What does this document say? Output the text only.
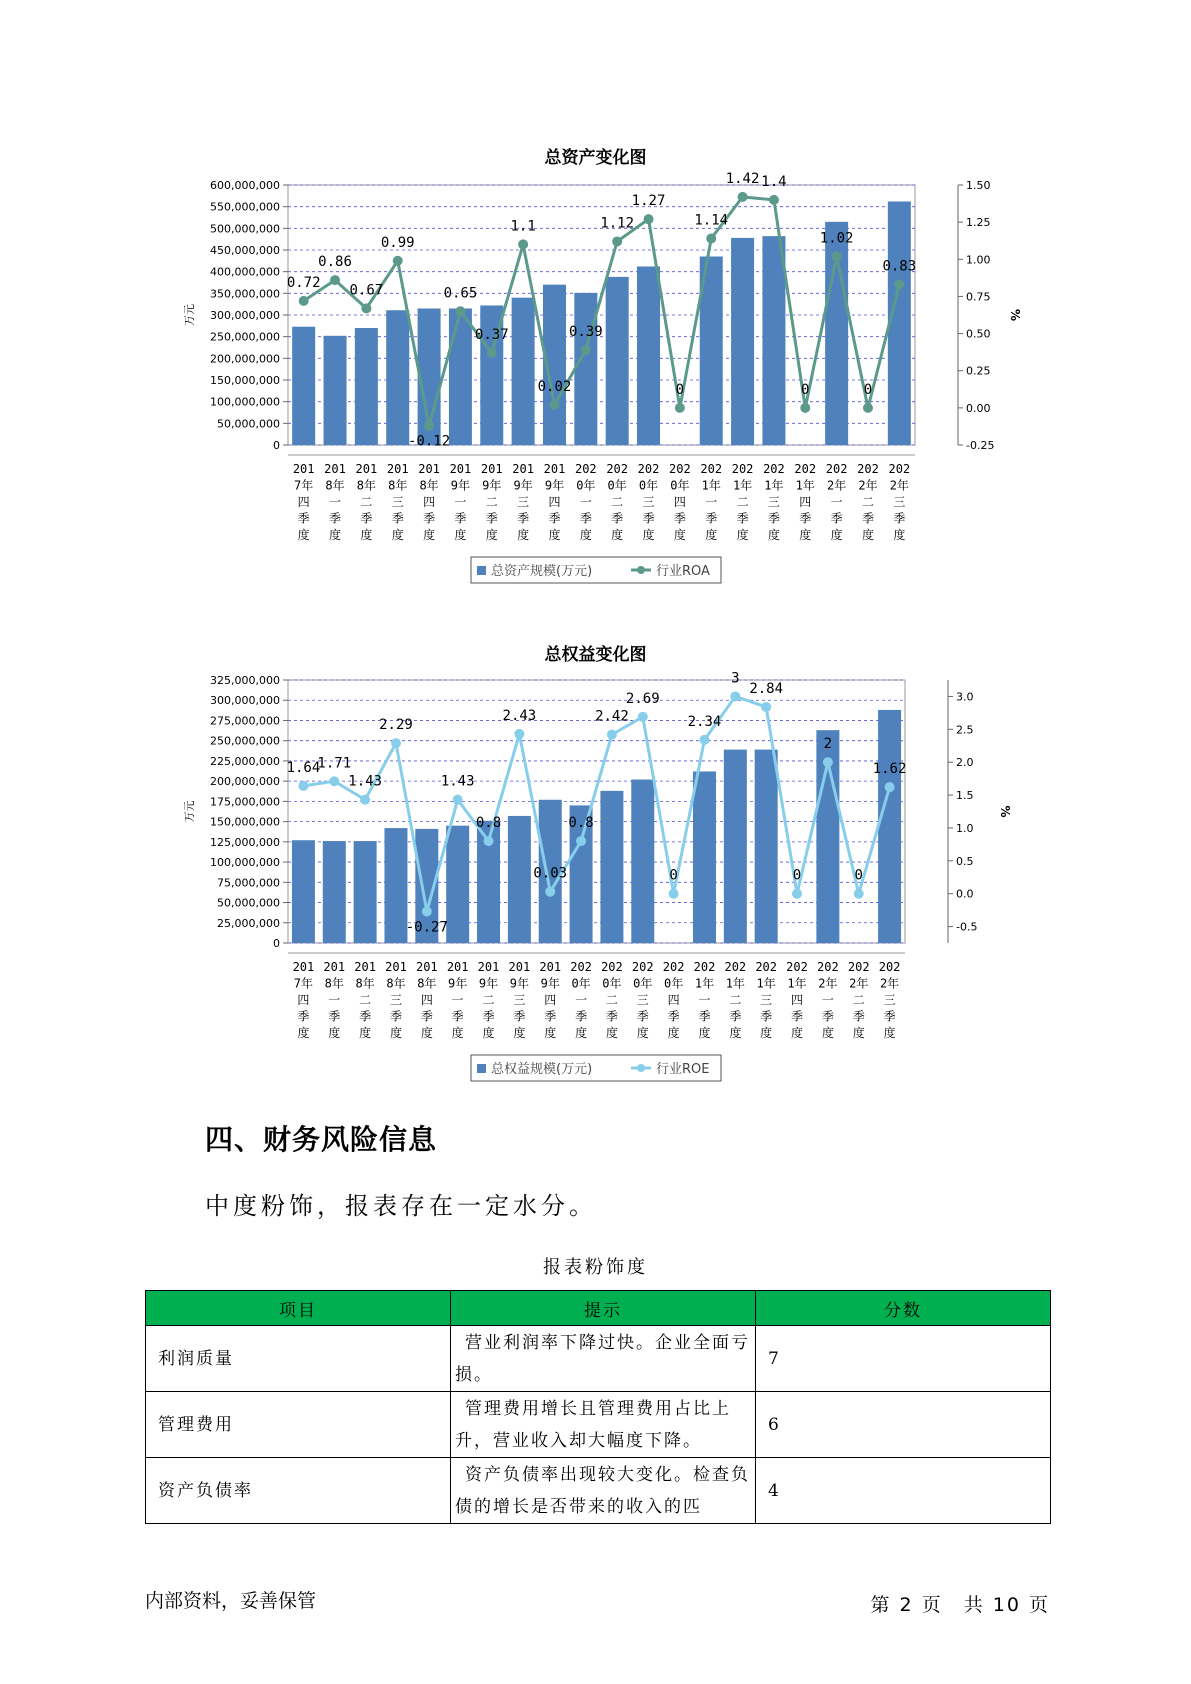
总资产变化图
600,000,000
550,000,000
500,000,000
450,000,000
400,000,000
350,000,000
300,000,000
250,000,000
200,000,000
150,000,000
100,000,000
50,000,000
0
1.50
1.25
1.00
0.75
0.50
0.25
0.00
-0.25
万元	%
201 7年四季度
201 8年一季度
201 8年二季度
201 8年三季度
201 8年四季度
201 9年一季度
201 9年二季度
201 9年三季度
201 9年四季度
202 0年一季度
202 0年二季度
202 0年三季度
202 0年四季度
202 1年一季度
202 1年二季度
202 1年三季度
202 1年四季度
202 2年一季度
202 2年二季度
202 2年三季度
0.72
0.86
0.67
0.99
-0.12
0.65
0.37
1.1
0.02
0.39
1.12
1.27
0
1.14
1.42 1.4
0
1.02
0
0.83
总资产规模(万元)	行业ROA
总权益变化图
325,000,000
300,000,000
275,000,000
250,000,000
225,000,000
200,000,000
175,000,000
150,000,000
125,000,000
100,000,000
75,000,000
50,000,000
25,000,000
0
3.0
2.5
2.0
1.5
1.0
0.5
0.0
-0.5
万元	%
201 7年四季度
201 8年一季度
201 8年二季度
201 8年三季度
201 8年四季度
201 9年一季度
201 9年二季度
201 9年三季度
201 9年四季度
202 0年一季度
202 0年二季度
202 0年三季度
202 0年四季度
202 1年一季度
202 1年二季度
202 1年三季度
202 1年四季度
202 2年一季度
202 2年二季度
202 2年三季度
1.64
1.71
1.43
2.29
-0.27
1.43
0.8
2.43
0.03
0.8
2.42
2.69
0
2.34
3
2.84
0
2
0
1.62
总权益规模(万元)	行业ROE
四、财务风险信息
中度粉饰，报表存在一定水分。
报表粉饰度
项目	提示	分数
利润质量	营业利润率下降过快。企业全面亏损。	7
管理费用	管理费用增长且管理费用占比上升，营业收入却大幅度下降。	6
资产负债率	资产负债率出现较大变化。检查负债的增长是否带来的收入的匹	4
内部资料，妥善保管	第 2 页　共 10 页
